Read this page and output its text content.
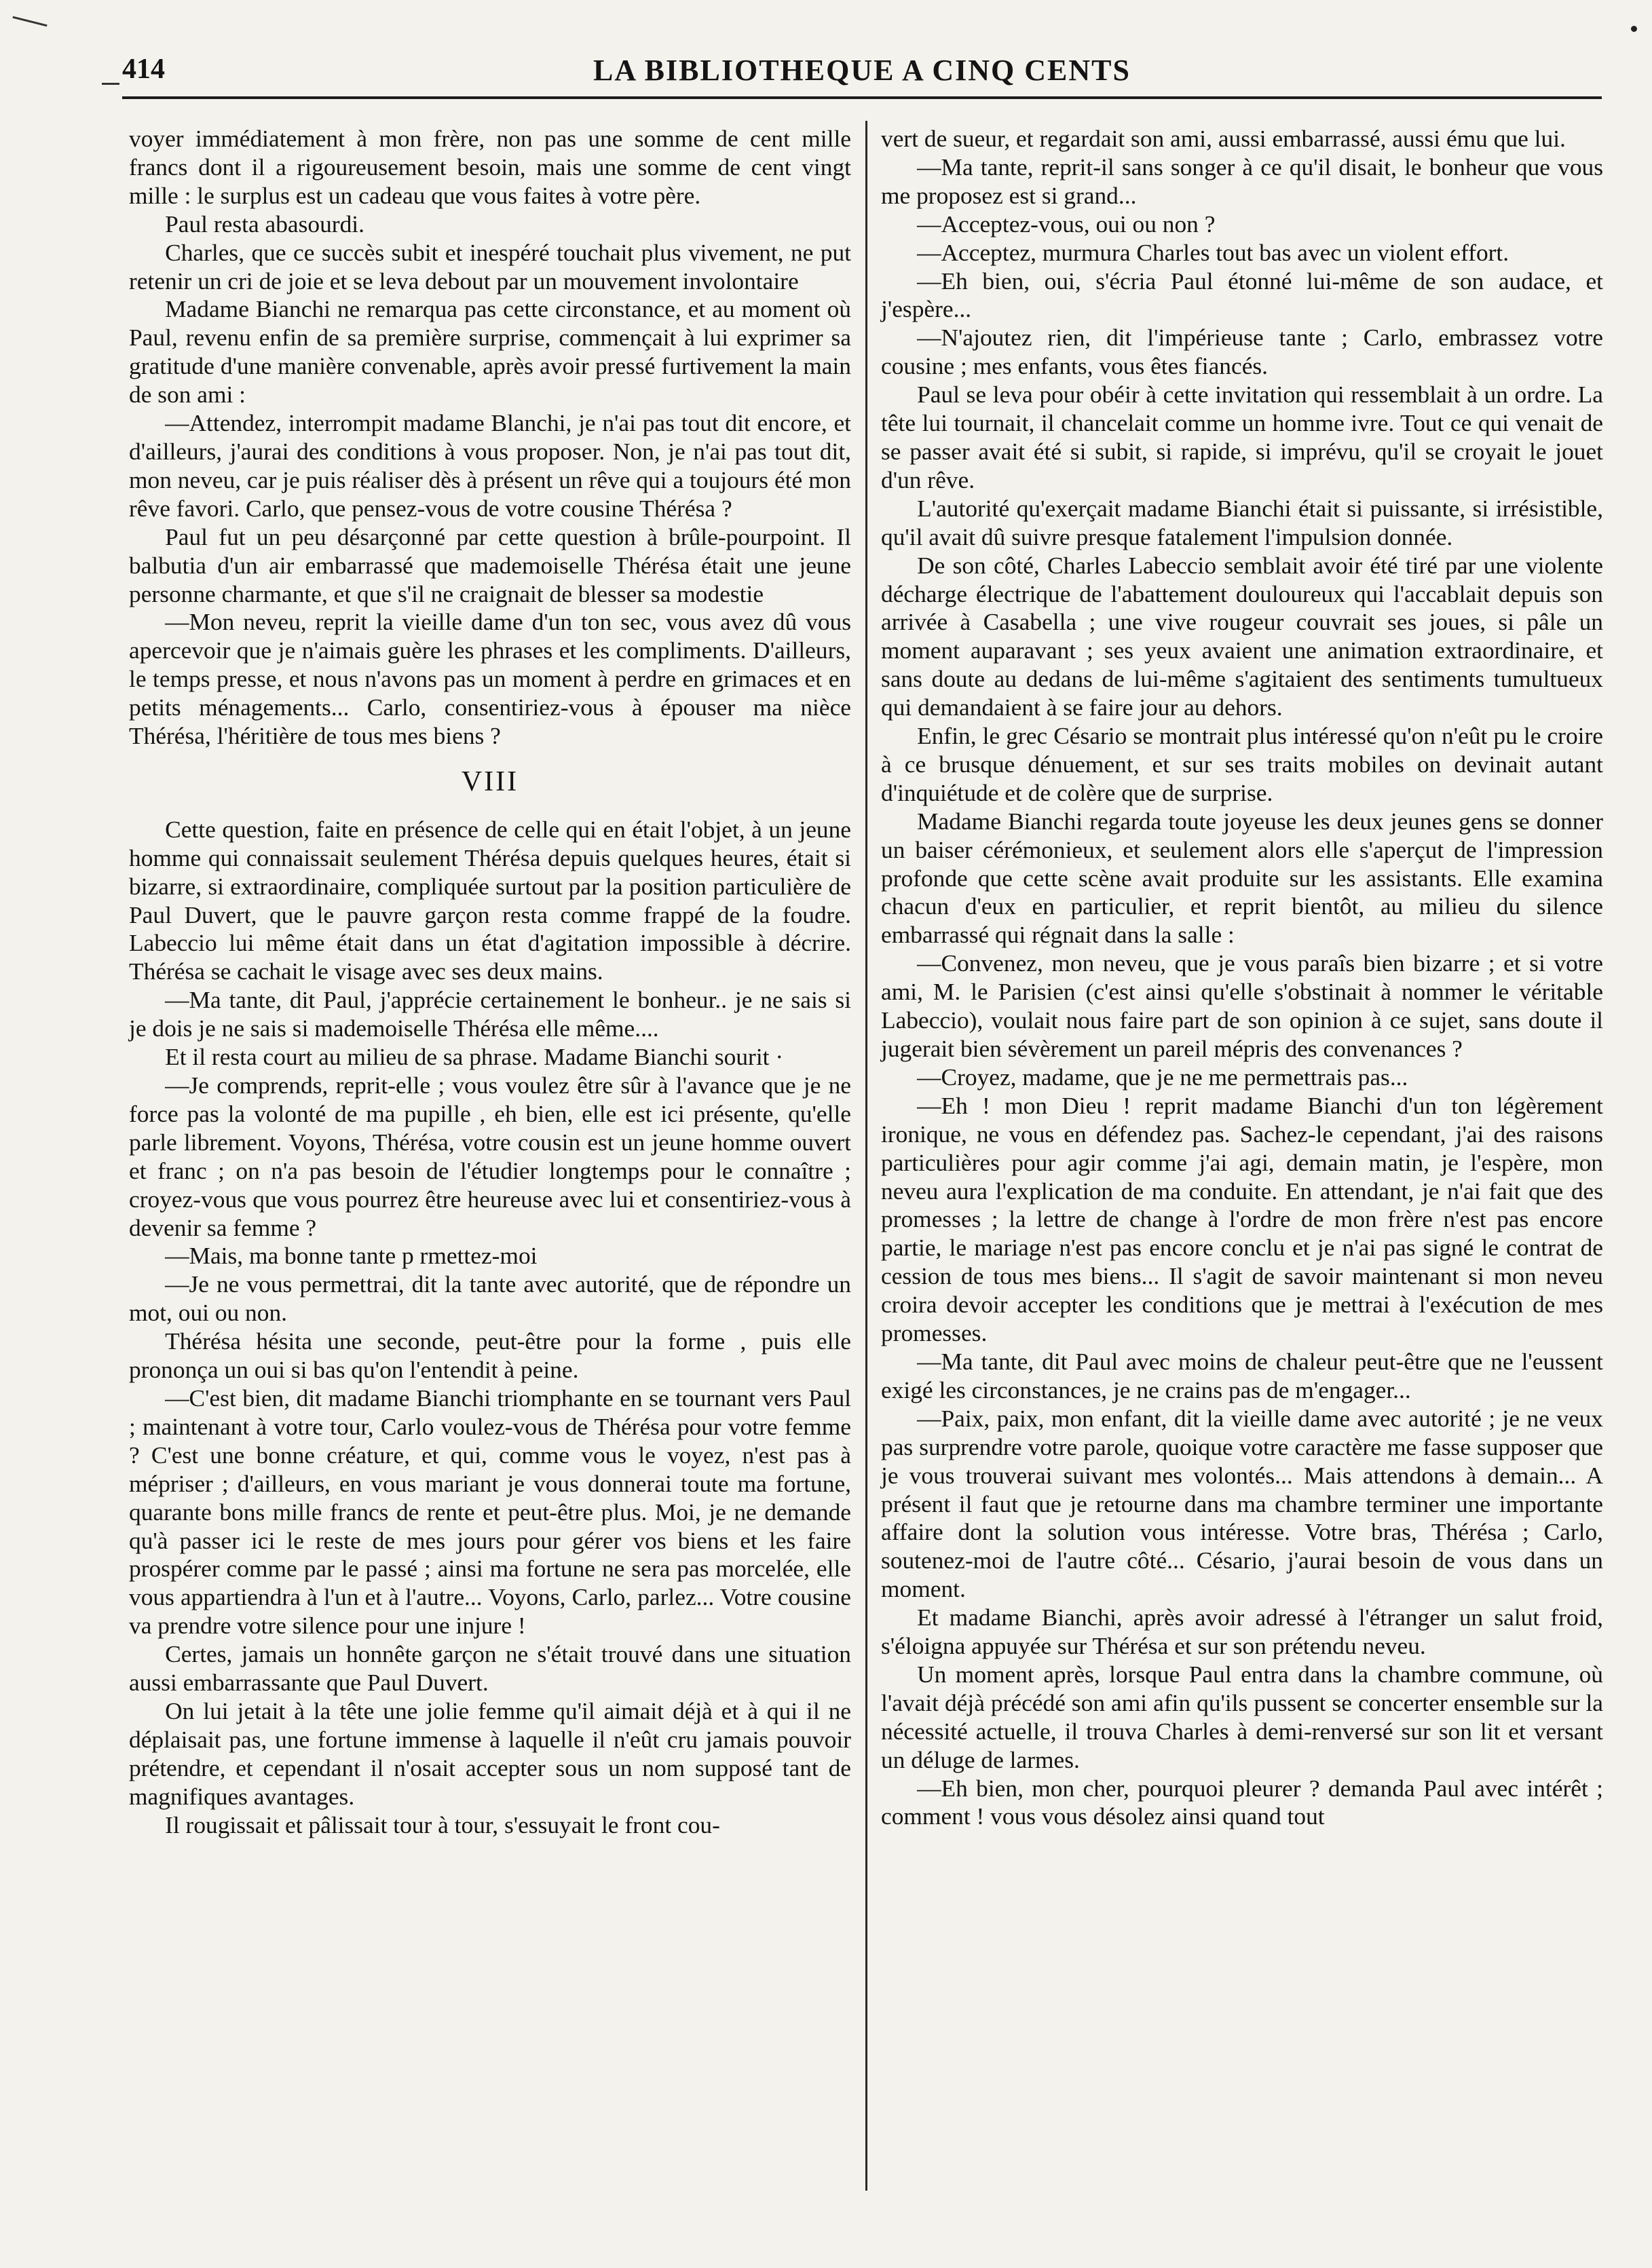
414	LA BIBLIOTHEQUE A CINQ CENTS

voyer immédiatement à mon frère, non pas une somme de cent mille francs dont il a rigoureusement besoin, mais une somme de cent vingt mille : le surplus est un cadeau que vous faites à votre père.

Paul resta abasourdi.

Charles, que ce succès subit et inespéré touchait plus vivement, ne put retenir un cri de joie et se leva debout par un mouvement involontaire

Madame Bianchi ne remarqua pas cette circonstance, et au moment où Paul, revenu enfin de sa première surprise, commençait à lui exprimer sa gratitude d'une manière convenable, après avoir pressé furtivement la main de son ami :

—Attendez, interrompit madame Blanchi, je n'ai pas tout dit encore, et d'ailleurs, j'aurai des conditions à vous proposer. Non, je n'ai pas tout dit, mon neveu, car je puis réaliser dès à présent un rêve qui a toujours été mon rêve favori. Carlo, que pensez-vous de votre cousine Thérésa ?

Paul fut un peu désarçonné par cette question à brûle-pourpoint. Il balbutia d'un air embarrassé que mademoiselle Thérésa était une jeune personne charmante, et que s'il ne craignait de blesser sa modestie

—Mon neveu, reprit la vieille dame d'un ton sec, vous avez dû vous apercevoir que je n'aimais guère les phrases et les compliments. D'ailleurs, le temps presse, et nous n'avons pas un moment à perdre en grimaces et en petits ménagements... Carlo, consentiriez-vous à épouser ma nièce Thérésa, l'héritière de tous mes biens ?

VIII

Cette question, faite en présence de celle qui en était l'objet, à un jeune homme qui connaissait seulement Thérésa depuis quelques heures, était si bizarre, si extraordinaire, compliquée surtout par la position particulière de Paul Duvert, que le pauvre garçon resta comme frappé de la foudre. Labeccio lui même était dans un état d'agitation impossible à décrire. Thérésa se cachait le visage avec ses deux mains.

—Ma tante, dit Paul, j'apprécie certainement le bonheur.. je ne sais si je dois je ne sais si mademoiselle Thérésa elle même....

Et il resta court au milieu de sa phrase. Madame Bianchi sourit ·

—Je comprends, reprit-elle ; vous voulez être sûr à l'avance que je ne force pas la volonté de ma pupille , eh bien, elle est ici présente, qu'elle parle librement. Voyons, Thérésa, votre cousin est un jeune homme ouvert et franc ; on n'a pas besoin de l'étudier longtemps pour le connaître ; croyez-vous que vous pourrez être heureuse avec lui et consentiriez-vous à devenir sa femme ?

—Mais, ma bonne tante p rmettez-moi

—Je ne vous permettrai, dit la tante avec autorité, que de répondre un mot, oui ou non.

Thérésa hésita une seconde, peut-être pour la forme , puis elle prononça un oui si bas qu'on l'entendit à peine.

—C'est bien, dit madame Bianchi triomphante en se tournant vers Paul ; maintenant à votre tour, Carlo voulez-vous de Thérésa pour votre femme ? C'est une bonne créature, et qui, comme vous le voyez, n'est pas à mépriser ; d'ailleurs, en vous mariant je vous donnerai toute ma fortune, quarante bons mille francs de rente et peut-être plus. Moi, je ne demande qu'à passer ici le reste de mes jours pour gérer vos biens et les faire prospérer comme par le passé ; ainsi ma fortune ne sera pas morcelée, elle vous appartiendra à l'un et à l'autre... Voyons, Carlo, parlez... Votre cousine va prendre votre silence pour une injure !

Certes, jamais un honnête garçon ne s'était trouvé dans une situation aussi embarrassante que Paul Duvert.

On lui jetait à la tête une jolie femme qu'il aimait déjà et à qui il ne déplaisait pas, une fortune immense à laquelle il n'eût cru jamais pouvoir prétendre, et cependant il n'osait accepter sous un nom supposé tant de magnifiques avantages.

Il rougissait et pâlissait tour à tour, s'essuyait le front cou-

vert de sueur, et regardait son ami, aussi embarrassé, aussi ému que lui.

—Ma tante, reprit-il sans songer à ce qu'il disait, le bonheur que vous me proposez est si grand...

—Acceptez-vous, oui ou non ?

—Acceptez, murmura Charles tout bas avec un violent effort.

—Eh bien, oui, s'écria Paul étonné lui-même de son audace, et j'espère...

—N'ajoutez rien, dit l'impérieuse tante ; Carlo, embrassez votre cousine ; mes enfants, vous êtes fiancés.

Paul se leva pour obéir à cette invitation qui ressemblait à un ordre. La tête lui tournait, il chancelait comme un homme ivre. Tout ce qui venait de se passer avait été si subit, si rapide, si imprévu, qu'il se croyait le jouet d'un rêve.

L'autorité qu'exerçait madame Bianchi était si puissante, si irrésistible, qu'il avait dû suivre presque fatalement l'impulsion donnée.

De son côté, Charles Labeccio semblait avoir été tiré par une violente décharge électrique de l'abattement douloureux qui l'accablait depuis son arrivée à Casabella ; une vive rougeur couvrait ses joues, si pâle un moment auparavant ; ses yeux avaient une animation extraordinaire, et sans doute au dedans de lui-même s'agitaient des sentiments tumultueux qui demandaient à se faire jour au dehors.

Enfin, le grec Césario se montrait plus intéressé qu'on n'eût pu le croire à ce brusque dénuement, et sur ses traits mobiles on devinait autant d'inquiétude et de colère que de surprise.

Madame Bianchi regarda toute joyeuse les deux jeunes gens se donner un baiser cérémonieux, et seulement alors elle s'aperçut de l'impression profonde que cette scène avait produite sur les assistants. Elle examina chacun d'eux en particulier, et reprit bientôt, au milieu du silence embarrassé qui régnait dans la salle :

—Convenez, mon neveu, que je vous paraîs bien bizarre ; et si votre ami, M. le Parisien (c'est ainsi qu'elle s'obstinait à nommer le véritable Labeccio), voulait nous faire part de son opinion à ce sujet, sans doute il jugerait bien sévèrement un pareil mépris des convenances ?

—Croyez, madame, que je ne me permettrais pas...

—Eh ! mon Dieu ! reprit madame Bianchi d'un ton légèrement ironique, ne vous en défendez pas. Sachez-le cependant, j'ai des raisons particulières pour agir comme j'ai agi, demain matin, je l'espère, mon neveu aura l'explication de ma conduite. En attendant, je n'ai fait que des promesses ; la lettre de change à l'ordre de mon frère n'est pas encore partie, le mariage n'est pas encore conclu et je n'ai pas signé le contrat de cession de tous mes biens... Il s'agit de savoir maintenant si mon neveu croira devoir accepter les conditions que je mettrai à l'exécution de mes promesses.

—Ma tante, dit Paul avec moins de chaleur peut-être que ne l'eussent exigé les circonstances, je ne crains pas de m'engager...

—Paix, paix, mon enfant, dit la vieille dame avec autorité ; je ne veux pas surprendre votre parole, quoique votre caractère me fasse supposer que je vous trouverai suivant mes volontés... Mais attendons à demain... A présent il faut que je retourne dans ma chambre terminer une importante affaire dont la solution vous intéresse. Votre bras, Thérésa ; Carlo, soutenez-moi de l'autre côté... Césario, j'aurai besoin de vous dans un moment.

Et madame Bianchi, après avoir adressé à l'étranger un salut froid, s'éloigna appuyée sur Thérésa et sur son prétendu neveu.

Un moment après, lorsque Paul entra dans la chambre commune, où l'avait déjà précédé son ami afin qu'ils pussent se concerter ensemble sur la nécessité actuelle, il trouva Charles à demi-renversé sur son lit et versant un déluge de larmes.

—Eh bien, mon cher, pourquoi pleurer ? demanda Paul avec intérêt ; comment ! vous vous désolez ainsi quand tout
